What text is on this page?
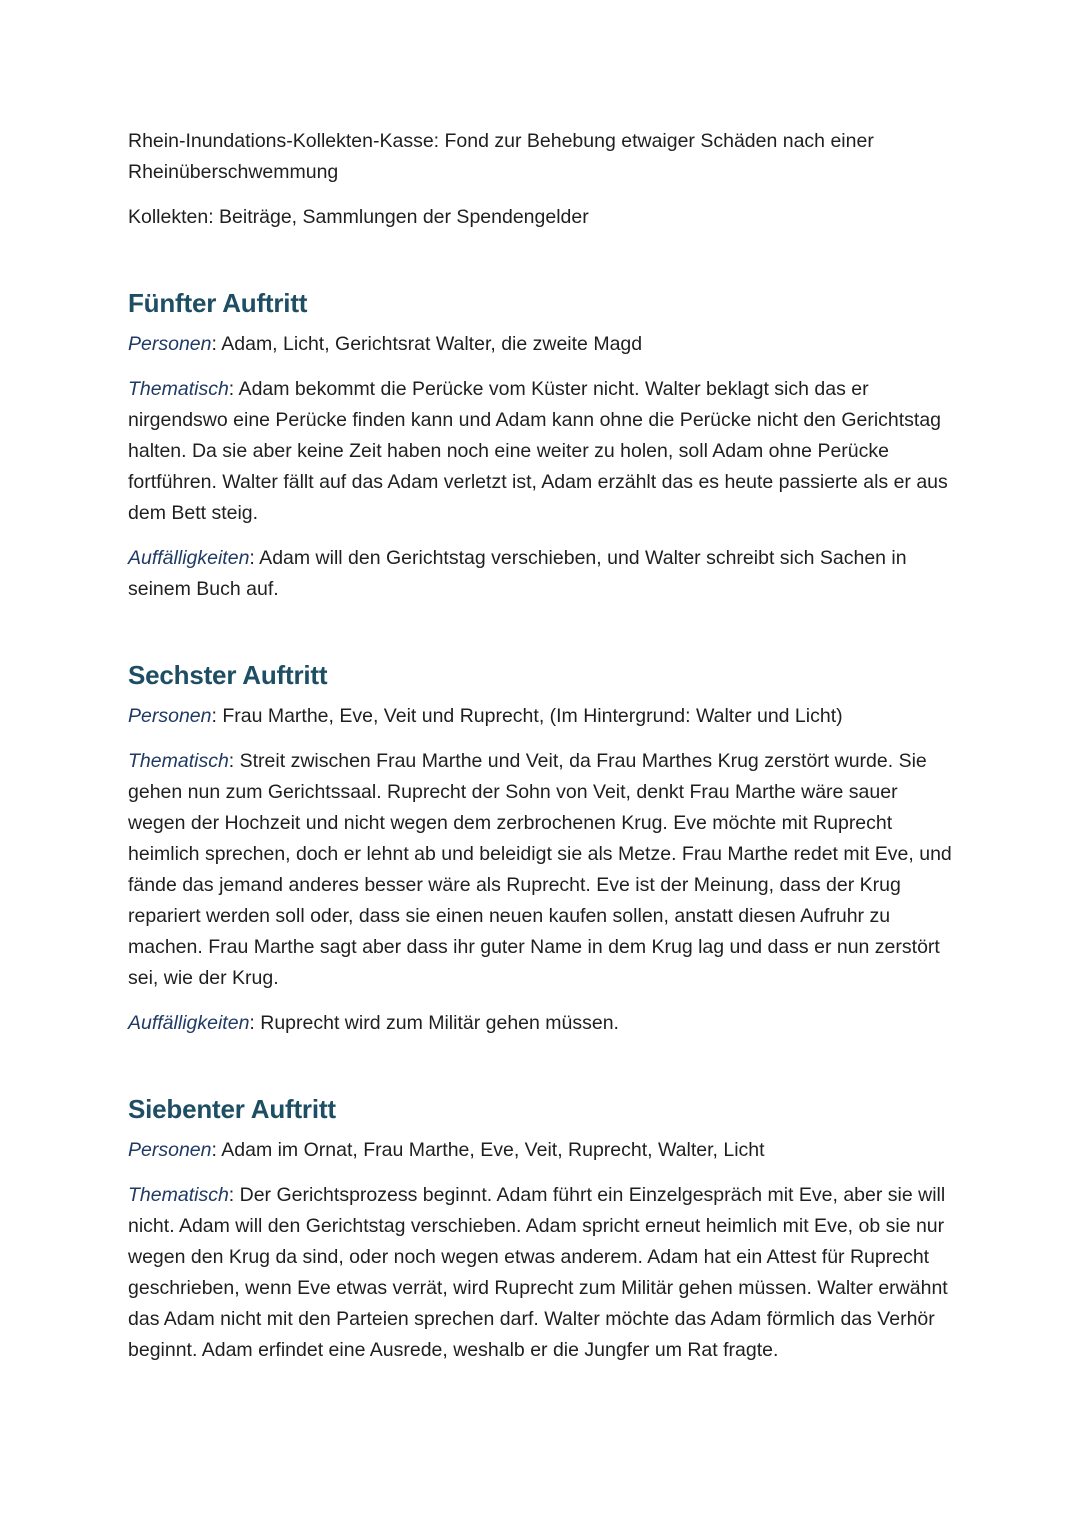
Rhein-Inundations-Kollekten-Kasse: Fond zur Behebung etwaiger Schäden nach einer Rheinüberschwemmung

Kollekten: Beiträge, Sammlungen der Spendengelder

Fünfter Auftritt

Personen: Adam, Licht, Gerichtsrat Walter, die zweite Magd

Thematisch: Adam bekommt die Perücke vom Küster nicht. Walter beklagt sich das er nirgendswo eine Perücke finden kann und Adam kann ohne die Perücke nicht den Gerichtstag halten. Da sie aber keine Zeit haben noch eine weiter zu holen, soll Adam ohne Perücke fortführen. Walter fällt auf das Adam verletzt ist, Adam erzählt das es heute passierte als er aus dem Bett steig.

Auffälligkeiten: Adam will den Gerichtstag verschieben, und Walter schreibt sich Sachen in seinem Buch auf.

Sechster Auftritt

Personen: Frau Marthe, Eve, Veit und Ruprecht, (Im Hintergrund: Walter und Licht)

Thematisch: Streit zwischen Frau Marthe und Veit, da Frau Marthes Krug zerstört wurde. Sie gehen nun zum Gerichtssaal. Ruprecht der Sohn von Veit, denkt Frau Marthe wäre sauer wegen der Hochzeit und nicht wegen dem zerbrochenen Krug. Eve möchte mit Ruprecht heimlich sprechen, doch er lehnt ab und beleidigt sie als Metze. Frau Marthe redet mit Eve, und fände das jemand anderes besser wäre als Ruprecht. Eve ist der Meinung, dass der Krug repariert werden soll oder, dass sie einen neuen kaufen sollen, anstatt diesen Aufruhr zu machen. Frau Marthe sagt aber dass ihr guter Name in dem Krug lag und dass er nun zerstört sei, wie der Krug.

Auffälligkeiten: Ruprecht wird zum Militär gehen müssen.

Siebenter Auftritt

Personen: Adam im Ornat, Frau Marthe, Eve, Veit, Ruprecht, Walter, Licht

Thematisch: Der Gerichtsprozess beginnt. Adam führt ein Einzelgespräch mit Eve, aber sie will nicht. Adam will den Gerichtstag verschieben. Adam spricht erneut heimlich mit Eve, ob sie nur wegen den Krug da sind, oder noch wegen etwas anderem. Adam hat ein Attest für Ruprecht geschrieben, wenn Eve etwas verrät, wird Ruprecht zum Militär gehen müssen. Walter erwähnt das Adam nicht mit den Parteien sprechen darf. Walter möchte das Adam förmlich das Verhör beginnt. Adam erfindet eine Ausrede, weshalb er die Jungfer um Rat fragte.
